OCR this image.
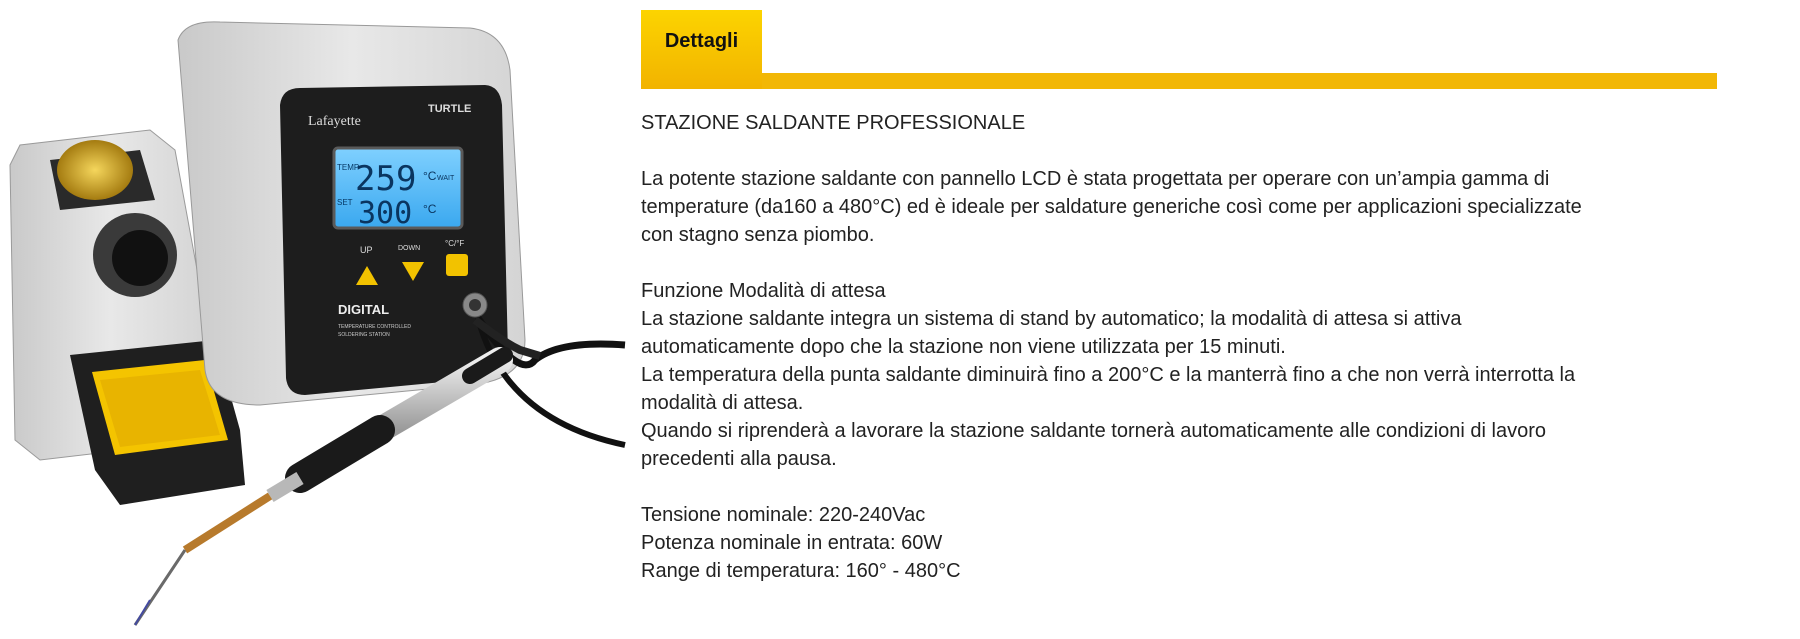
Lafayette
TURTLE
TEMP
SET
259
300
°C WAIT
°C
UP	DOWN
°C/°F
DIGITAL
TEMPERATURE CONTROLLED
SOLDERING STATION
Dettagli

STAZIONE SALDANTE PROFESSIONALE

La potente stazione saldante con pannello LCD è stata progettata per operare con un’ampia gamma di

temperature (da160 a 480°C) ed è ideale per saldature generiche così come per applicazioni specializzate

con stagno senza piombo.

Funzione Modalità di attesa

La stazione saldante integra un sistema di stand by automatico; la modalità di attesa si attiva

automaticamente dopo che la stazione non viene utilizzata per 15 minuti.

La temperatura della punta saldante diminuirà fino a 200°C e la manterrà fino a che non verrà interrotta la

modalità di attesa.

Quando si riprenderà a lavorare la stazione saldante tornerà automaticamente alle condizioni di lavoro

precedenti alla pausa.

Tensione nominale: 220-240Vac

Potenza nominale in entrata: 60W

Range di temperatura: 160° - 480°C
